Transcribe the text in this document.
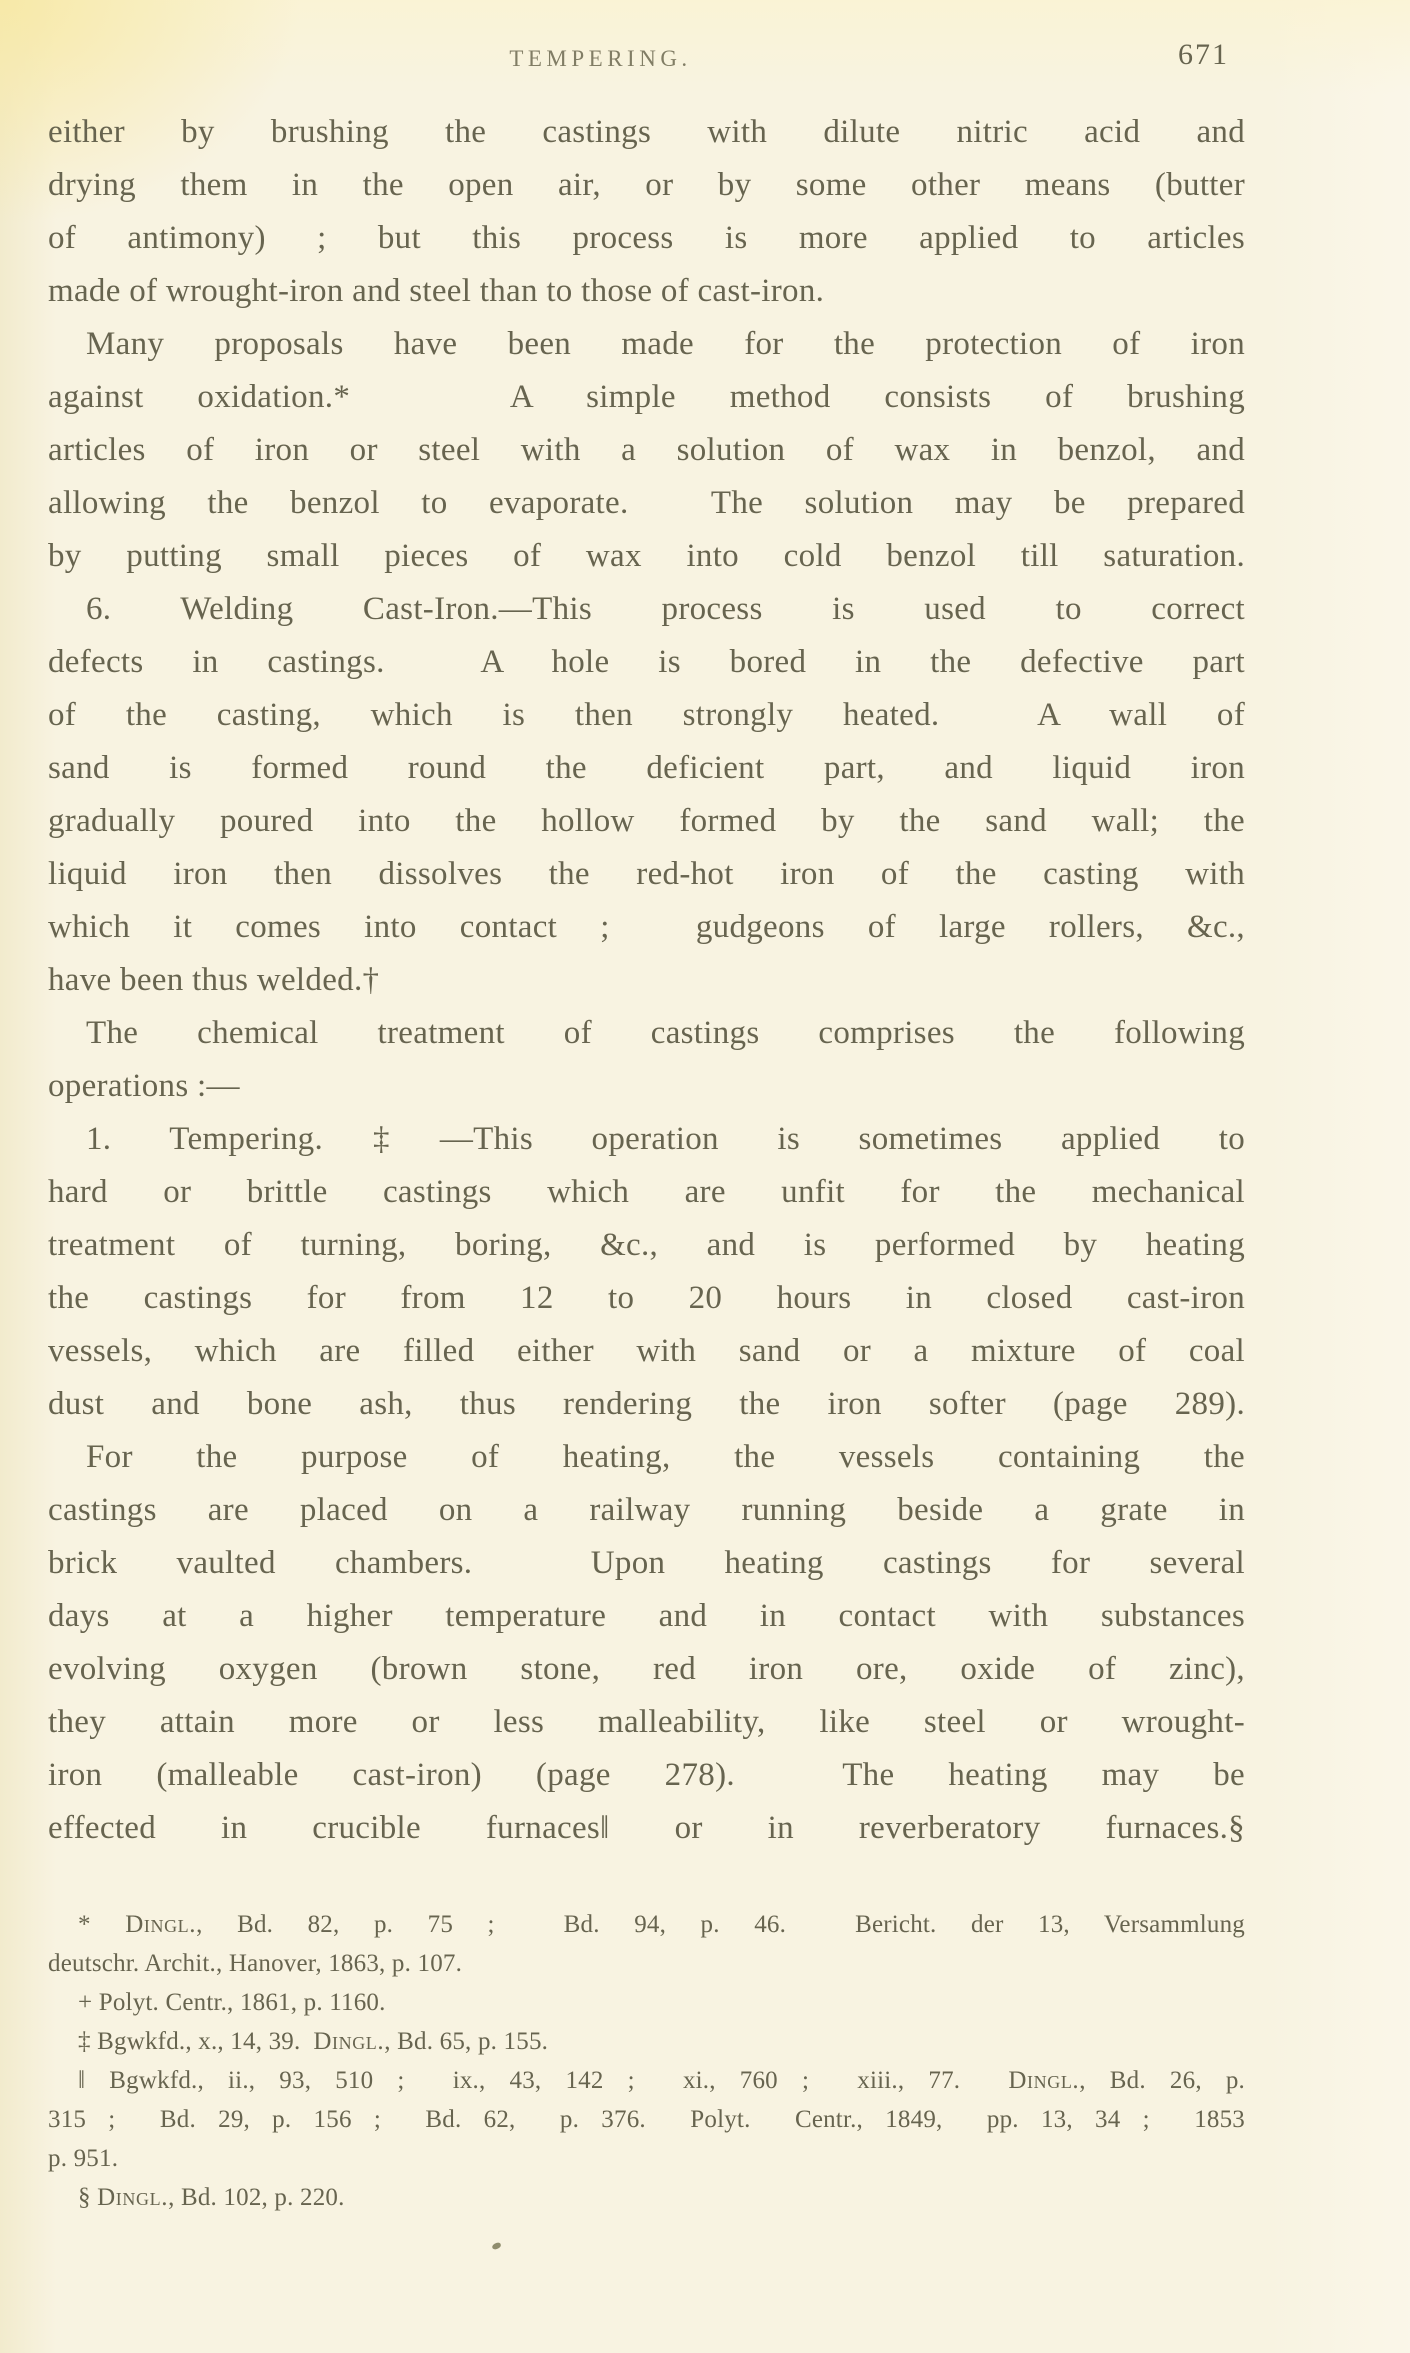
TEMPERING.	671
either by brushing the castings with dilute nitric acid and
drying them in the open air, or by some other means (butter
of antimony) ; but this process is more applied to articles
made of wrought-iron and steel than to those of cast-iron.
Many proposals have been made for the protection of iron
against oxidation.*   A simple method consists of brushing
articles of iron or steel with a solution of wax in benzol, and
allowing the benzol to evaporate.  The solution may be prepared
by putting small pieces of wax into cold benzol till saturation.
6. Welding Cast-Iron.—This process is used to correct
defects in castings.  A hole is bored in the defective part
of the casting, which is then strongly heated.  A wall of
sand is formed round the deficient part, and liquid iron
gradually poured into the hollow formed by the sand wall; the
liquid iron then dissolves the red-hot iron of the casting with
which it comes into contact ;  gudgeons of large rollers, &c.,
have been thus welded.†
The chemical treatment of castings comprises the following
operations :—
1. Tempering.‡—This operation is sometimes applied to
hard or brittle castings which are unfit for the mechanical
treatment of turning, boring, &c., and is performed by heating
the castings for from 12 to 20 hours in closed cast-iron
vessels, which are filled either with sand or a mixture of coal
dust and bone ash, thus rendering the iron softer (page 289).
For the purpose of heating, the vessels containing the
castings are placed on a railway running beside a grate in
brick vaulted chambers.  Upon heating castings for several
days at a higher temperature and in contact with substances
evolving oxygen (brown stone, red iron ore, oxide of zinc),
they attain more or less malleability, like steel or wrought-
iron (malleable cast-iron) (page 278).  The heating may be
effected in crucible furnaces‖ or in reverberatory furnaces.§
* Dingl., Bd. 82, p. 75 ;  Bd. 94, p. 46.  Bericht. der 13, Versammlung
deutschr. Archit., Hanover, 1863, p. 107.
+ Polyt. Centr., 1861, p. 1160.
‡ Bgwkfd., x., 14, 39.  Dingl., Bd. 65, p. 155.
‖ Bgwkfd., ii., 93, 510 ;  ix., 43, 142 ;  xi., 760 ;  xiii., 77.  Dingl., Bd. 26, p.
315 ;  Bd. 29, p. 156 ;  Bd. 62,  p. 376.  Polyt.  Centr., 1849,  pp. 13, 34 ;  1853
p. 951.
§ Dingl., Bd. 102, p. 220.
